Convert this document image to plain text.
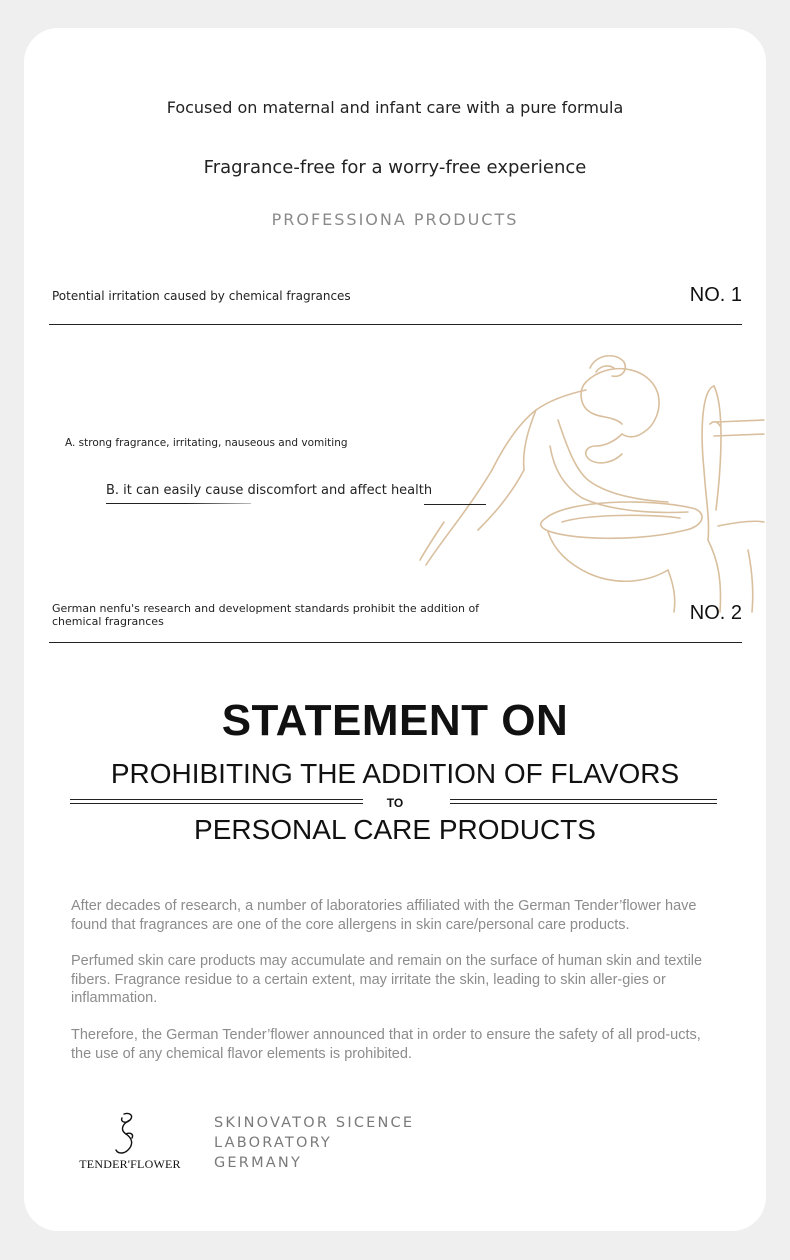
Focused on maternal and infant care with a pure formula
Fragrance-free for a worry-free experience
PROFESSIONA PRODUCTS
Potential irritation caused by chemical fragrances	NO. 1
A. strong fragrance, irritating, nauseous and vomiting
B. it can easily cause discomfort and affect health
German nenfu's research and development standards prohibit the addition of chemical fragrances	NO. 2
STATEMENT ON
PROHIBITING THE ADDITION OF FLAVORS
TO
PERSONAL CARE PRODUCTS

After decades of research, a number of laboratories affiliated with the German Tender’flower have found that fragrances are one of the core allergens in skin care/personal care products.

Perfumed skin care products may accumulate and remain on the surface of human skin and textile fibers. Fragrance residue to a certain extent, may irritate the skin, leading to skin aller-gies or inflammation.

Therefore, the German Tender’flower announced that in order to ensure the safety of all prod-ucts, the use of any chemical flavor elements is prohibited.

TENDER'FLOWER
SKINOVATOR SICENCE
LABORATORY
GERMANY
